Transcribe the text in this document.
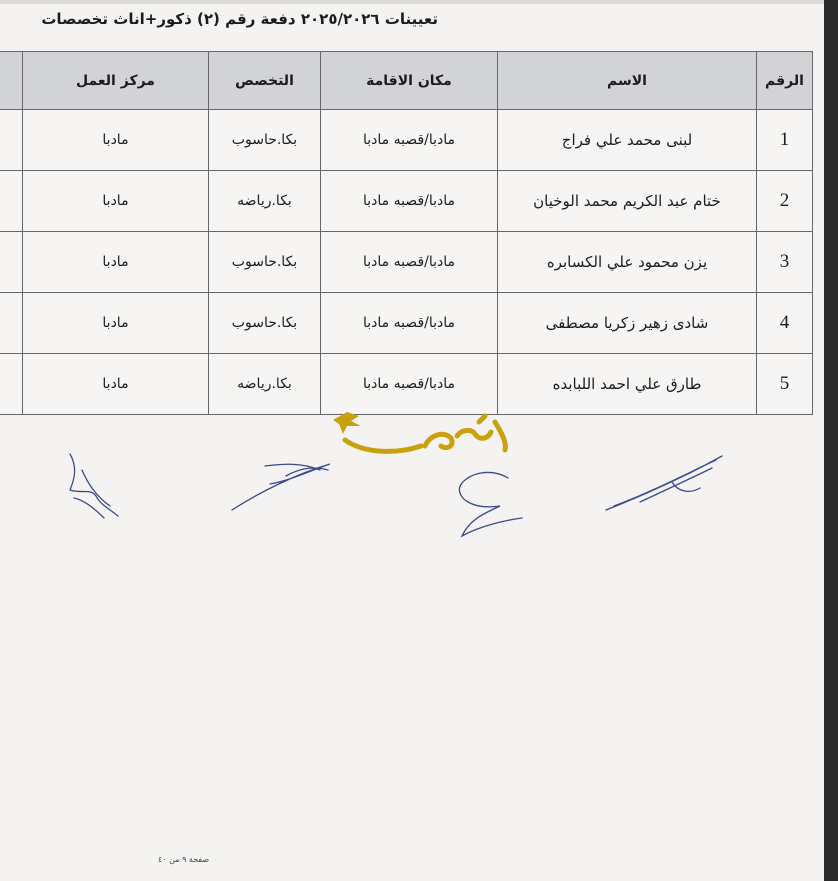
تعيينات ٢٠٢٥/٢٠٢٦ دفعة رقم (٢) ذكور+اناث تخصصات
الرقم	الاسم	مكان الاقامة	التخصص	مركز العمل	
1	لبنى محمد علي فراج	مادبا/قصبه مادبا	بكا.حاسوب	مادبا	
2	ختام عبد الكريم محمد الوخيان	مادبا/قصبه مادبا	بكا.رياضه	مادبا	
3	يزن محمود علي الكسابره	مادبا/قصبه مادبا	بكا.حاسوب	مادبا	
4	شادى زهير زكريا مصطفى	مادبا/قصبه مادبا	بكا.حاسوب	مادبا	
5	طارق علي احمد اللبابده	مادبا/قصبه مادبا	بكا.رياضه	مادبا	
صفحة ٩ من ٤٠
